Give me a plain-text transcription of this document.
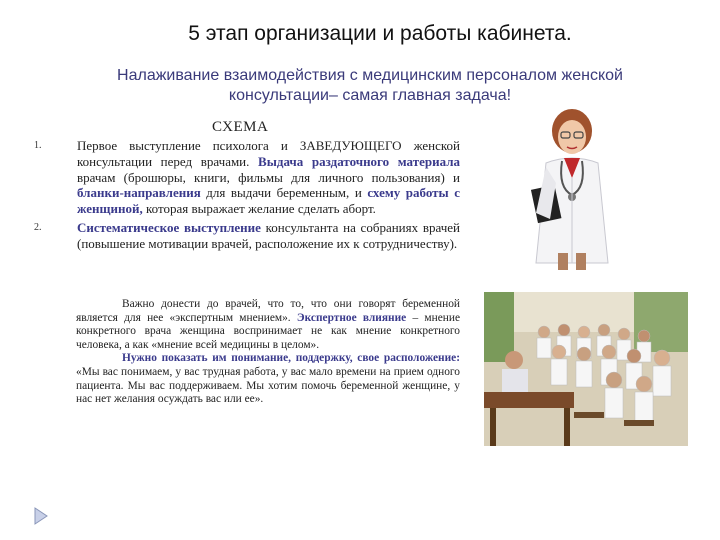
5 этап организации и работы кабинета.
Налаживание взаимодействия с медицинским персоналом женской
консультации– самая главная задача!
СХЕМА
1.	Первое выступление психолога и ЗАВЕДУЮЩЕГО женской консультации перед врачами. Выдача раздаточного материала врачам (брошюры, книги, фильмы для личного пользования) и бланки-направления для выдачи беременным, и схему работы с женщиной, которая выражает желание сделать аборт.
2.	Систематическое выступление консультанта на собраниях врачей (повышение мотивации врачей, расположение их к сотрудничеству).

Важно донести до врачей, что то, что они говорят беременной является для нее «экспертным мнением». Экспертное влияние – мнение конкретного врача женщина воспринимает не как мнение конкретного человека, а как «мнение всей медицины в целом».

Нужно показать им понимание, поддержку, свое расположение: «Мы вас понимаем, у вас трудная работа, у вас мало времени на прием одного пациента. Мы вас поддерживаем. Мы хотим помочь беременной женщине, у нас нет желания осуждать вас или ее».
